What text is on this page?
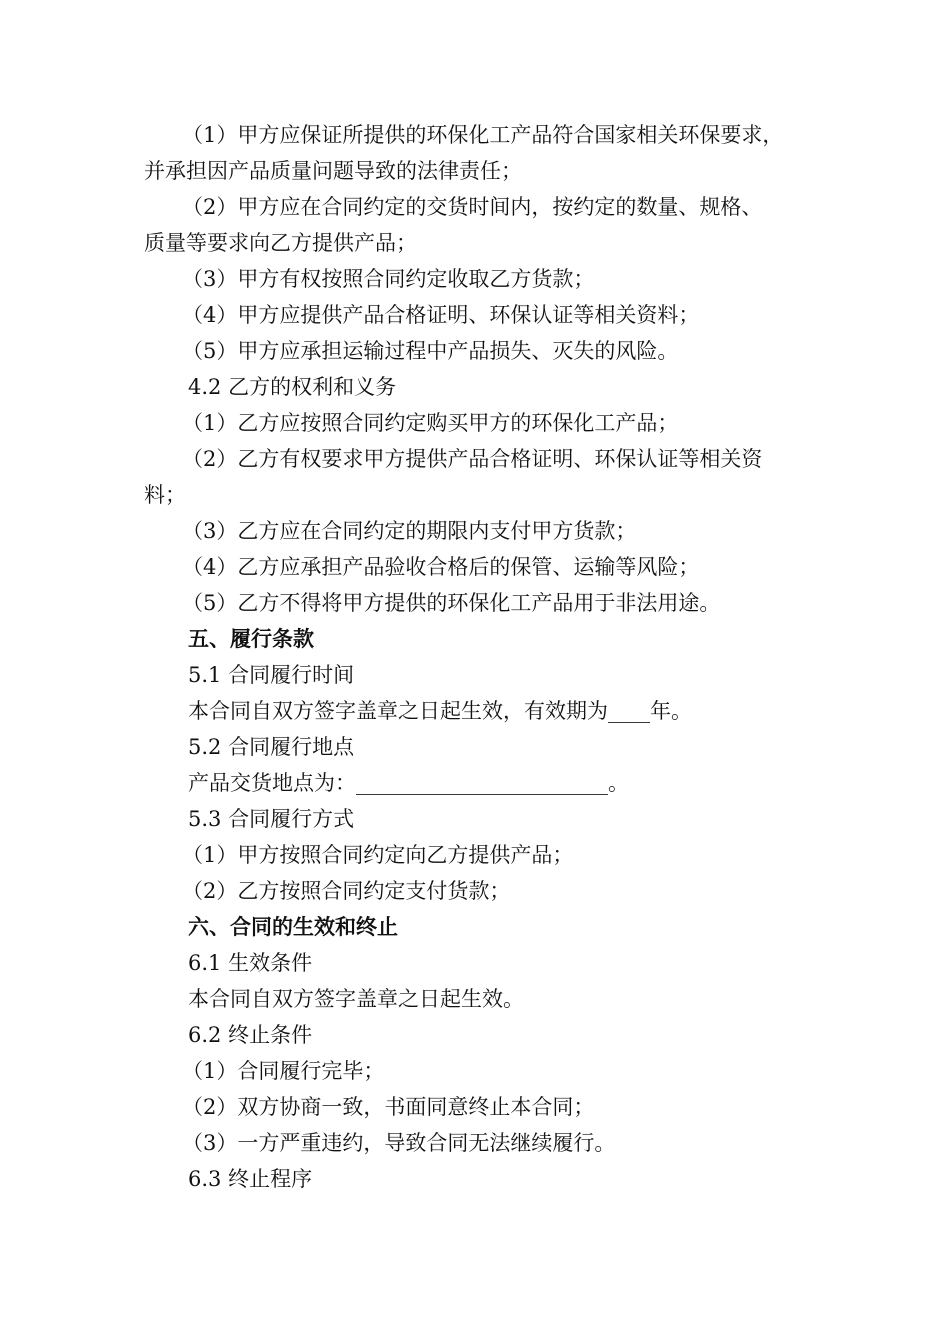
（1）甲方应保证所提供的环保化工产品符合国家相关环保要求，
并承担因产品质量问题导致的法律责任；
（2）甲方应在合同约定的交货时间内，按约定的数量、规格、
质量等要求向乙方提供产品；
（3）甲方有权按照合同约定收取乙方货款；
（4）甲方应提供产品合格证明、环保认证等相关资料；
（5）甲方应承担运输过程中产品损失、灭失的风险。
4.2 乙方的权利和义务
（1）乙方应按照合同约定购买甲方的环保化工产品；
（2）乙方有权要求甲方提供产品合格证明、环保认证等相关资
料；
（3）乙方应在合同约定的期限内支付甲方货款；
（4）乙方应承担产品验收合格后的保管、运输等风险；
（5）乙方不得将甲方提供的环保化工产品用于非法用途。
五、履行条款
5.1 合同履行时间
本合同自双方签字盖章之日起生效，有效期为____年。
5.2 合同履行地点
产品交货地点为：________________________。
5.3 合同履行方式
（1）甲方按照合同约定向乙方提供产品；
（2）乙方按照合同约定支付货款；
六、合同的生效和终止
6.1 生效条件
本合同自双方签字盖章之日起生效。
6.2 终止条件
（1）合同履行完毕；
（2）双方协商一致，书面同意终止本合同；
（3）一方严重违约，导致合同无法继续履行。
6.3 终止程序
